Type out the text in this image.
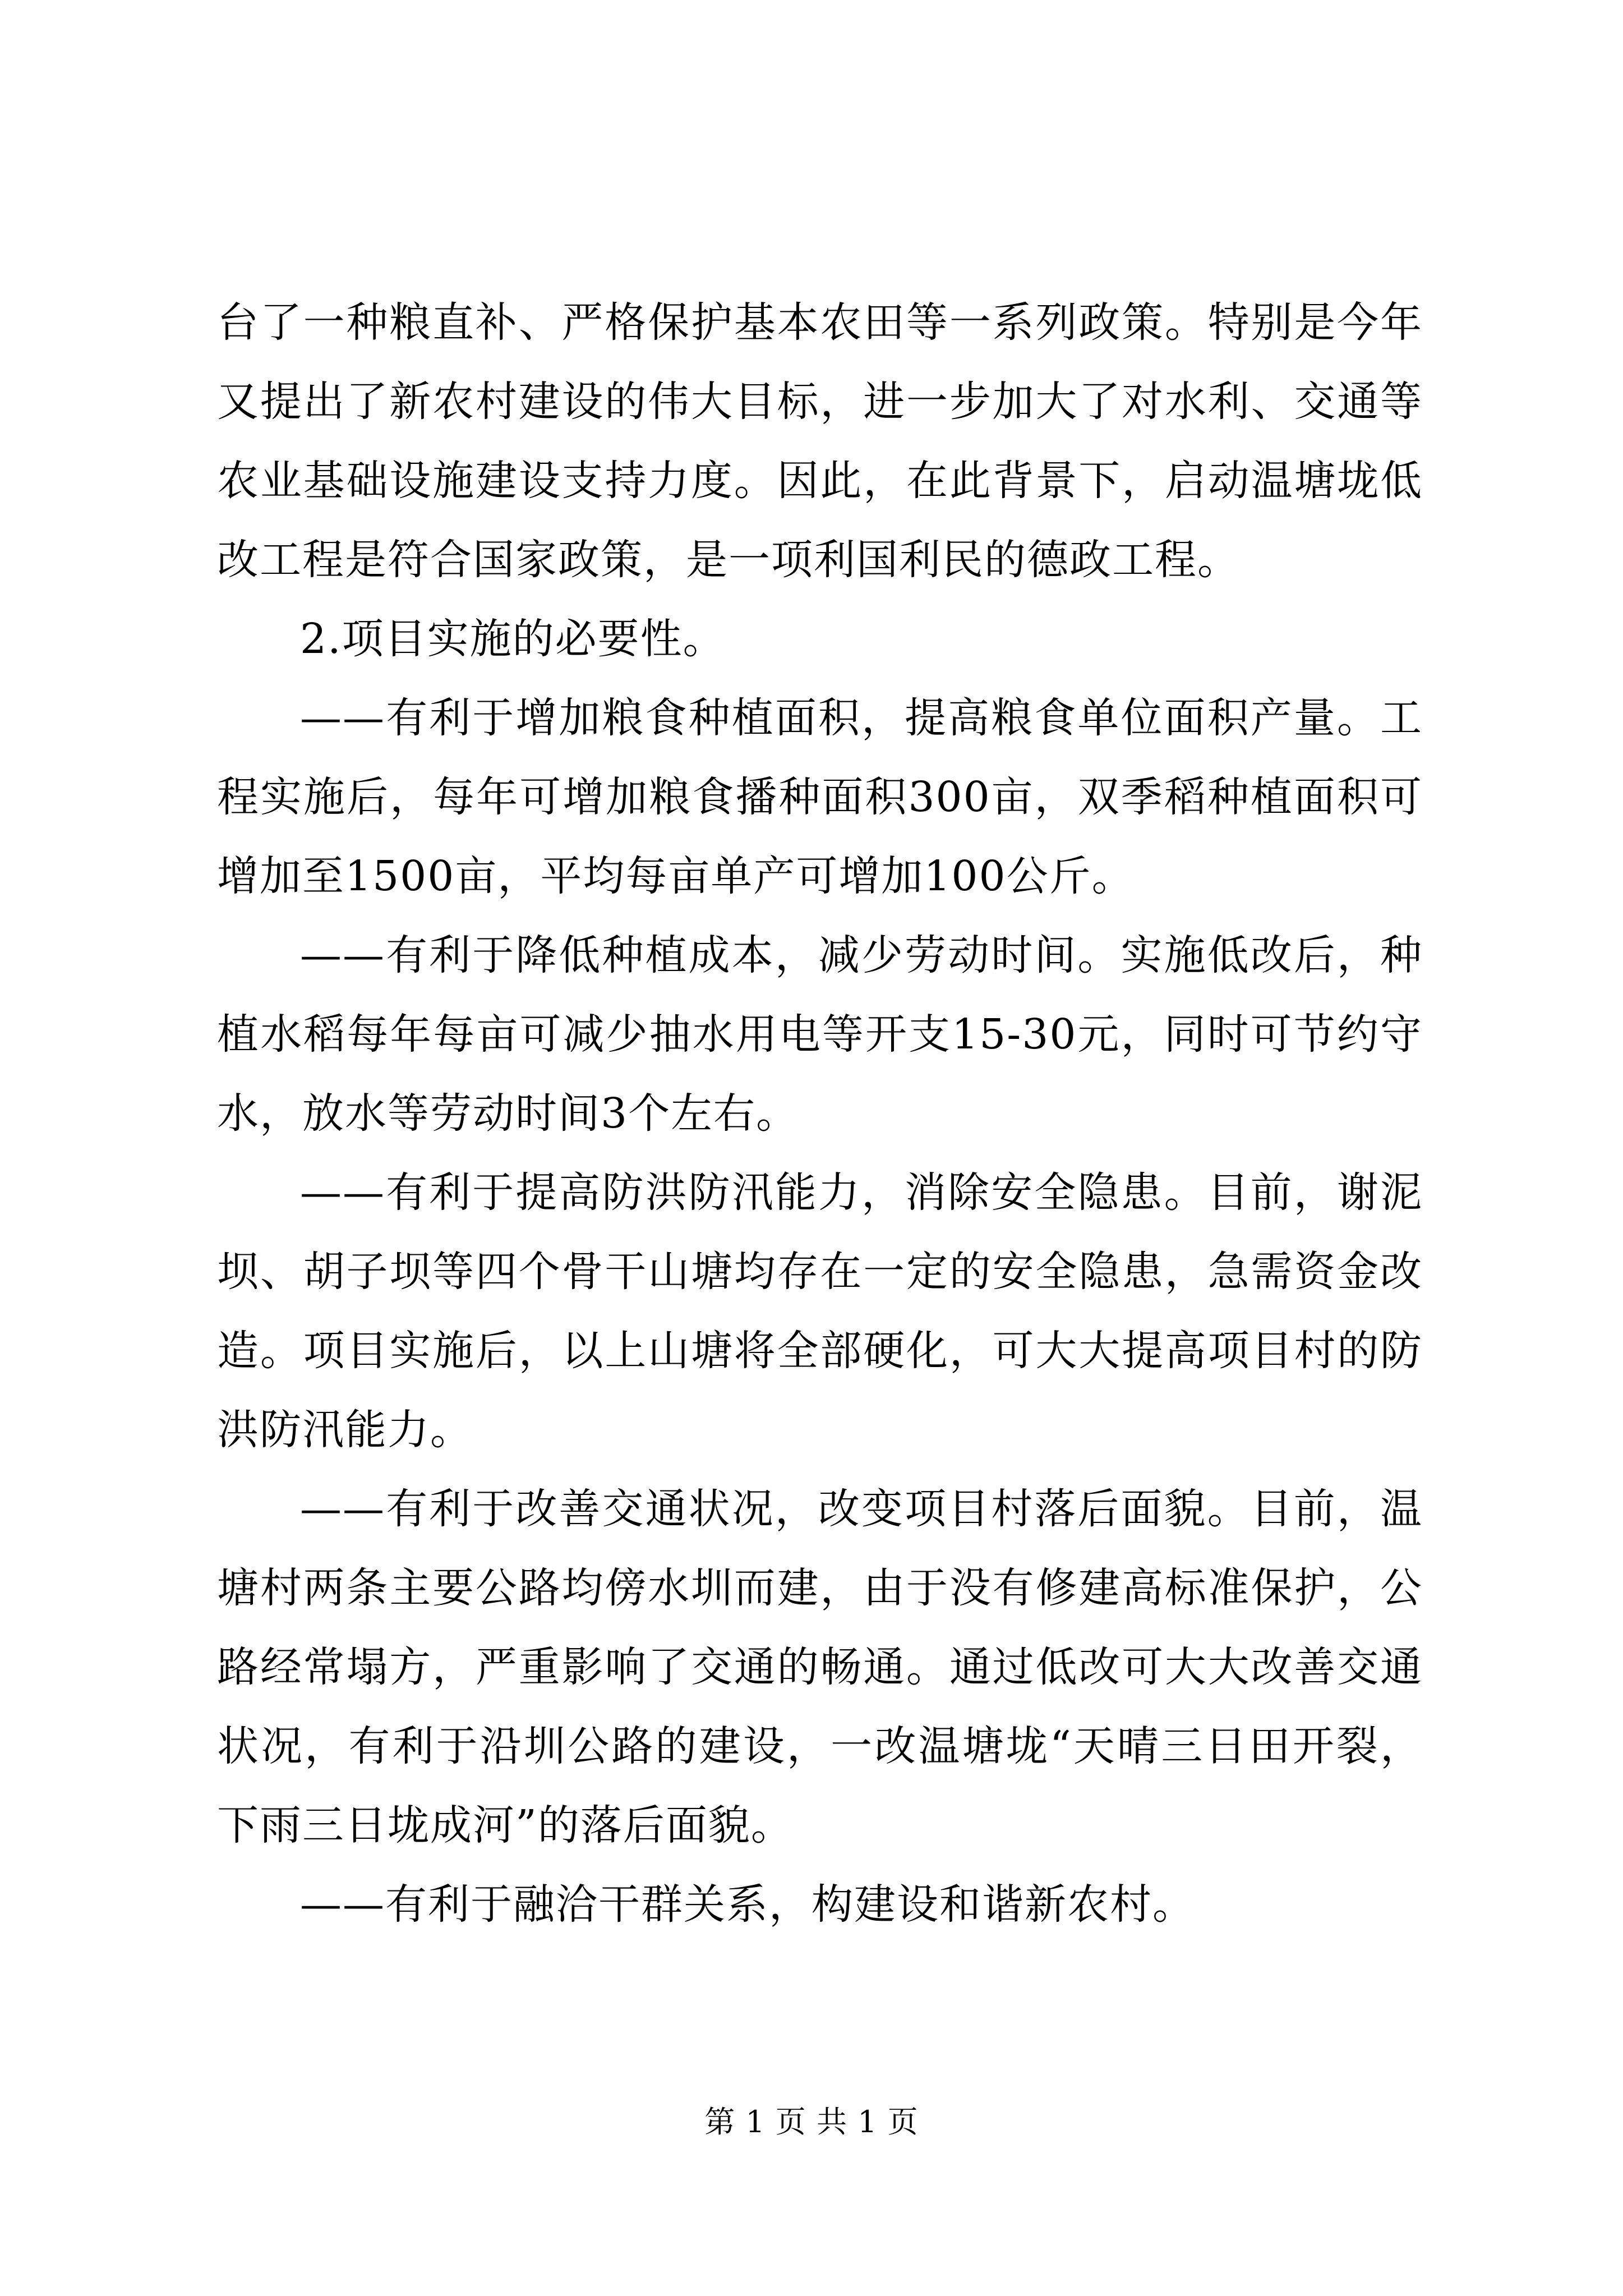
台了一种粮直补、严格保护基本农田等一系列政策。特别是今年又提出了新农村建设的伟大目标，进一步加大了对水利、交通等农业基础设施建设支持力度。因此，在此背景下，启动温塘垅低改工程是符合国家政策，是一项利国利民的德政工程。

2.项目实施的必要性。

——有利于增加粮食种植面积，提高粮食单位面积产量。工程实施后，每年可增加粮食播种面积300亩，双季稻种植面积可增加至1500亩，平均每亩单产可增加100公斤。

——有利于降低种植成本，减少劳动时间。实施低改后，种植水稻每年每亩可减少抽水用电等开支15-30元，同时可节约守水，放水等劳动时间3个左右。

——有利于提高防洪防汛能力，消除安全隐患。目前，谢泥坝、胡子坝等四个骨干山塘均存在一定的安全隐患，急需资金改造。项目实施后，以上山塘将全部硬化，可大大提高项目村的防洪防汛能力。

——有利于改善交通状况，改变项目村落后面貌。目前，温塘村两条主要公路均傍水圳而建，由于没有修建高标准保护，公路经常塌方，严重影响了交通的畅通。通过低改可大大改善交通状况，有利于沿圳公路的建设，一改温塘垅“天晴三日田开裂，下雨三日垅成河”的落后面貌。

——有利于融洽干群关系，构建设和谐新农村。

第 1 页 共 1 页
